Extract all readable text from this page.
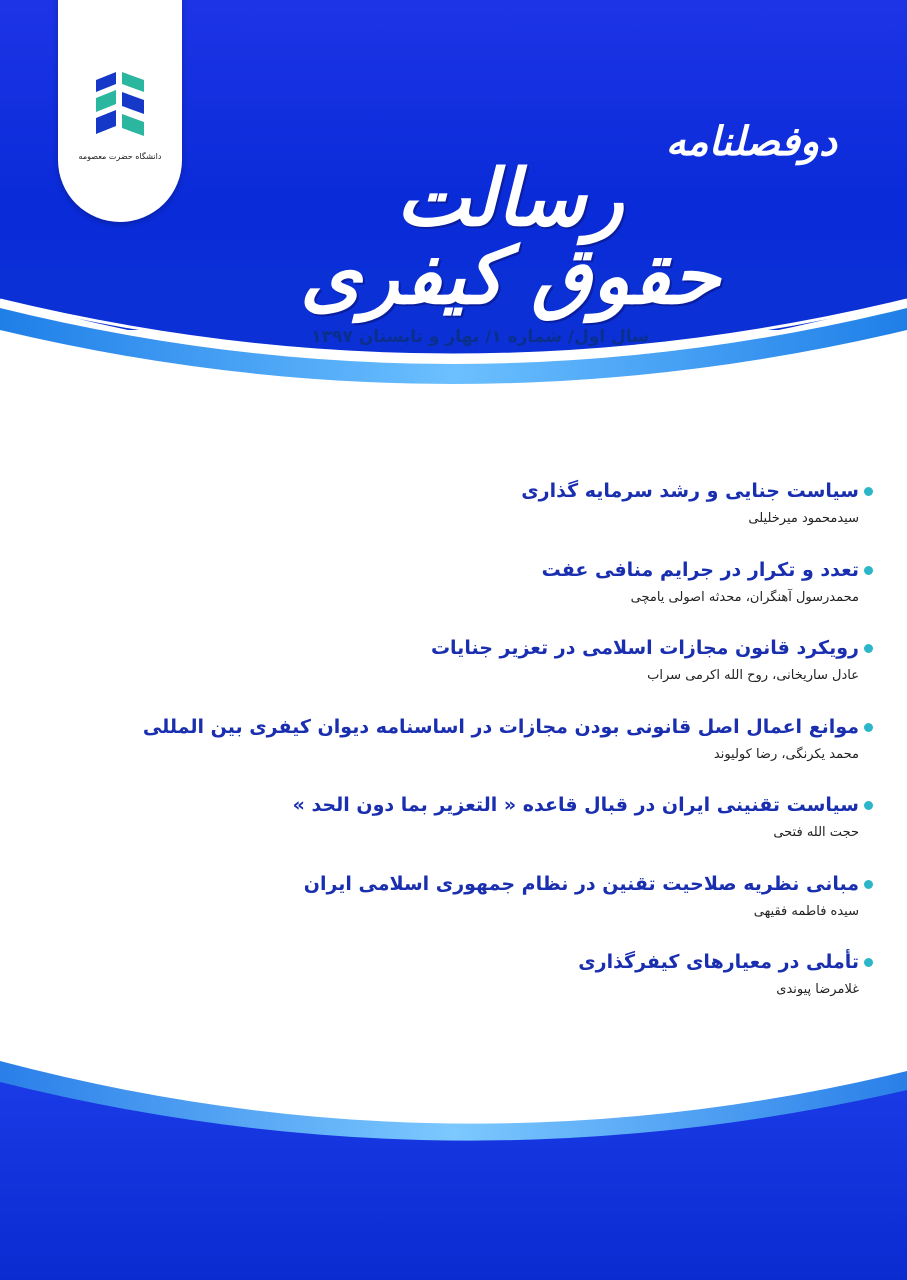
دانشگاه حضرت معصومه	دوفصلنامه
رسالت حقوق کیفری
سال اول/ شماره ۱/ بهار و تابستان ۱۳۹۷
سیاست جنایی و رشد سرمایه گذاری
سیدمحمود میرخلیلی
تعدد و تکرار در جرایم منافی عفت
محمدرسول آهنگران، محدثه اصولی یامچی
رویکرد قانون مجازات اسلامی در تعزیر جنایات
عادل ساریخانی، روح الله اکرمی سراب
موانع اعمال اصل قانونی بودن مجازات در اساسنامه دیوان کیفری بین المللی
محمد یکرنگی، رضا کولیوند
سیاست تقنینی ایران در قبال قاعده « التعزیر بما دون الحد »
حجت الله فتحی
مبانی نظریه صلاحیت تقنین در نظام جمهوری اسلامی ایران
سیده فاطمه فقیهی
تأملی در معیارهای کیفرگذاری
غلامرضا پیوندی
